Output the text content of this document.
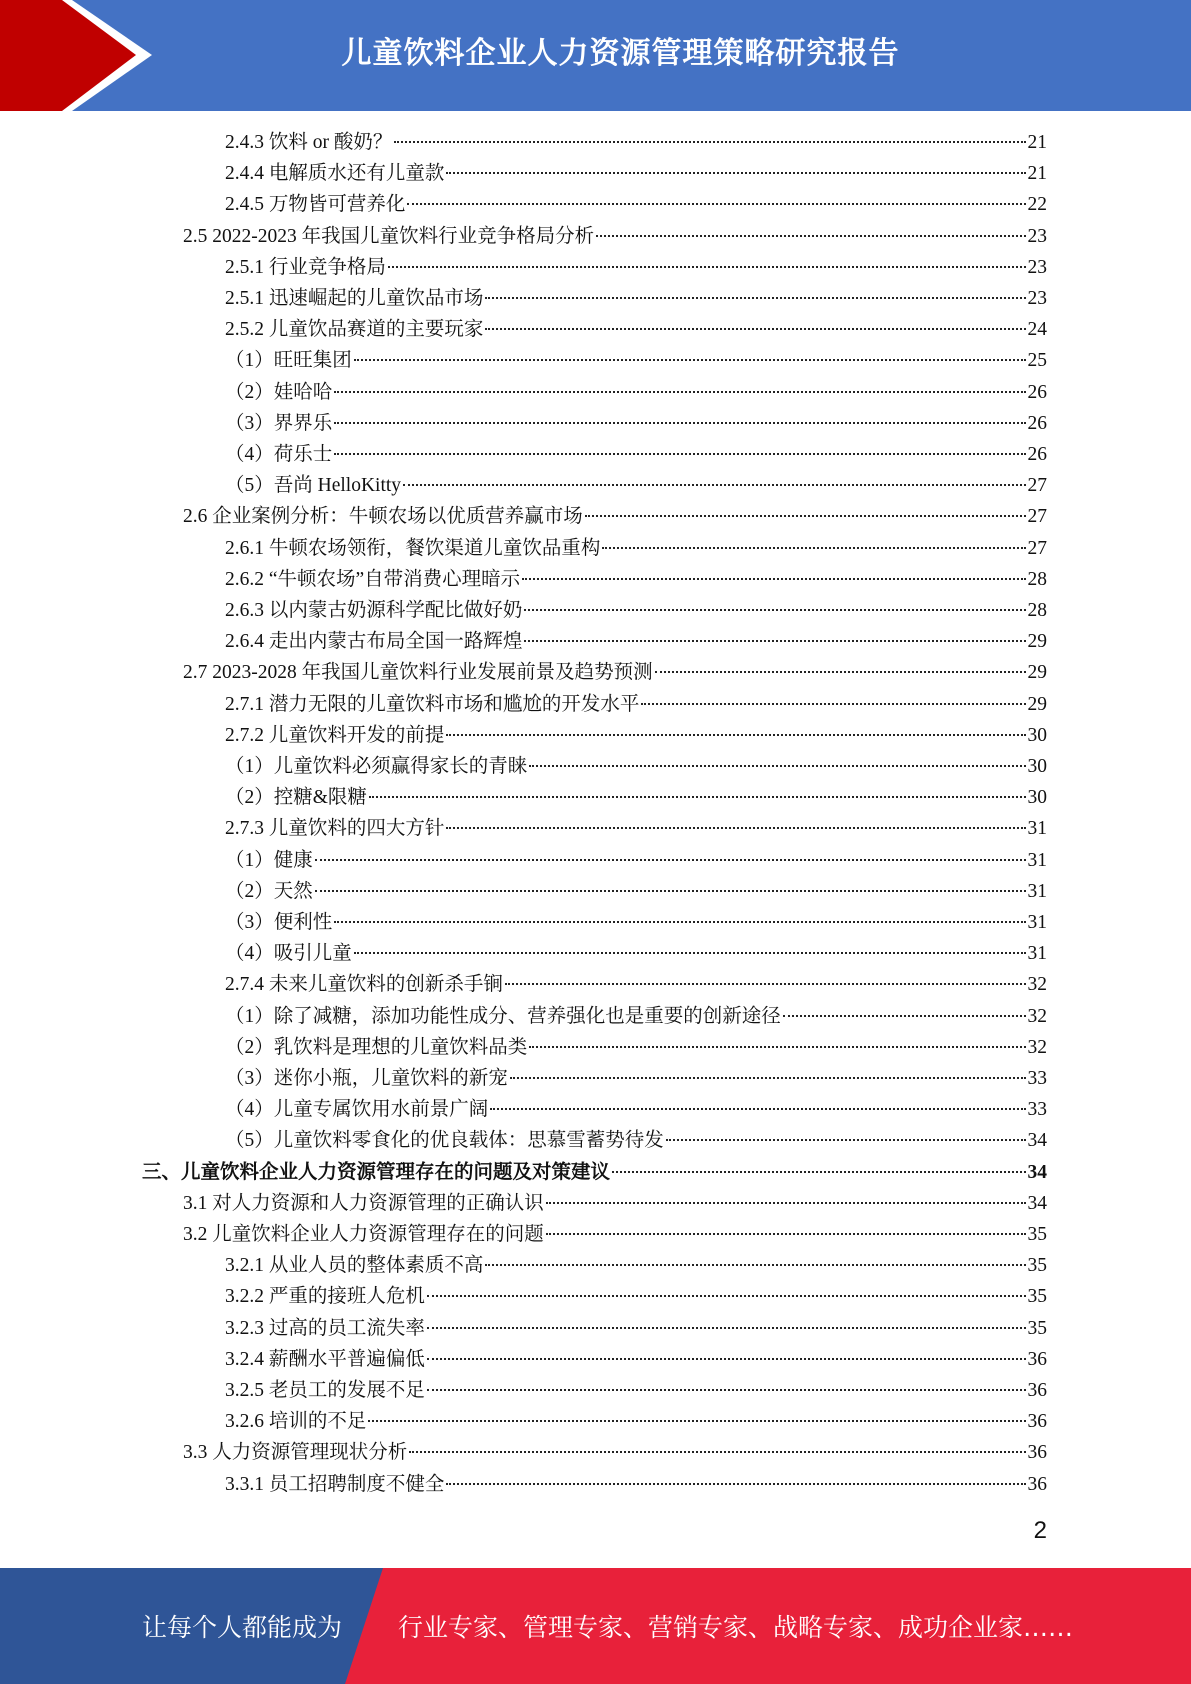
儿童饮料企业人力资源管理策略研究报告
2.4.3 饮料 or 酸奶？	21
2.4.4 电解质水还有儿童款	21
2.4.5 万物皆可营养化	22
2.5 2022-2023 年我国儿童饮料行业竞争格局分析	23
2.5.1 行业竞争格局	23
2.5.1 迅速崛起的儿童饮品市场	23
2.5.2 儿童饮品赛道的主要玩家	24
（1）旺旺集团	25
（2）娃哈哈	26
（3）界界乐	26
（4）荷乐士	26
（5）吾尚 HelloKitty	27
2.6 企业案例分析：牛顿农场以优质营养赢市场	27
2.6.1 牛顿农场领衔，餐饮渠道儿童饮品重构	27
2.6.2 “牛顿农场”自带消费心理暗示	28
2.6.3 以内蒙古奶源科学配比做好奶	28
2.6.4 走出内蒙古布局全国一路辉煌	29
2.7 2023-2028 年我国儿童饮料行业发展前景及趋势预测	29
2.7.1 潜力无限的儿童饮料市场和尴尬的开发水平	29
2.7.2 儿童饮料开发的前提	30
（1）儿童饮料必须赢得家长的青睐	30
（2）控糖&限糖	30
2.7.3 儿童饮料的四大方针	31
（1）健康	31
（2）天然	31
（3）便利性	31
（4）吸引儿童	31
2.7.4 未来儿童饮料的创新杀手锏	32
（1）除了减糖，添加功能性成分、营养强化也是重要的创新途径	32
（2）乳饮料是理想的儿童饮料品类	32
（3）迷你小瓶，儿童饮料的新宠	33
（4）儿童专属饮用水前景广阔	33
（5）儿童饮料零食化的优良载体：思慕雪蓄势待发	34
三、儿童饮料企业人力资源管理存在的问题及对策建议	34
3.1 对人力资源和人力资源管理的正确认识	34
3.2 儿童饮料企业人力资源管理存在的问题	35
3.2.1 从业人员的整体素质不高	35
3.2.2 严重的接班人危机	35
3.2.3 过高的员工流失率	35
3.2.4 薪酬水平普遍偏低	36
3.2.5 老员工的发展不足	36
3.2.6 培训的不足	36
3.3 人力资源管理现状分析	36
3.3.1 员工招聘制度不健全	36
2
让每个人都能成为 行业专家、管理专家、营销专家、战略专家、成功企业家……
